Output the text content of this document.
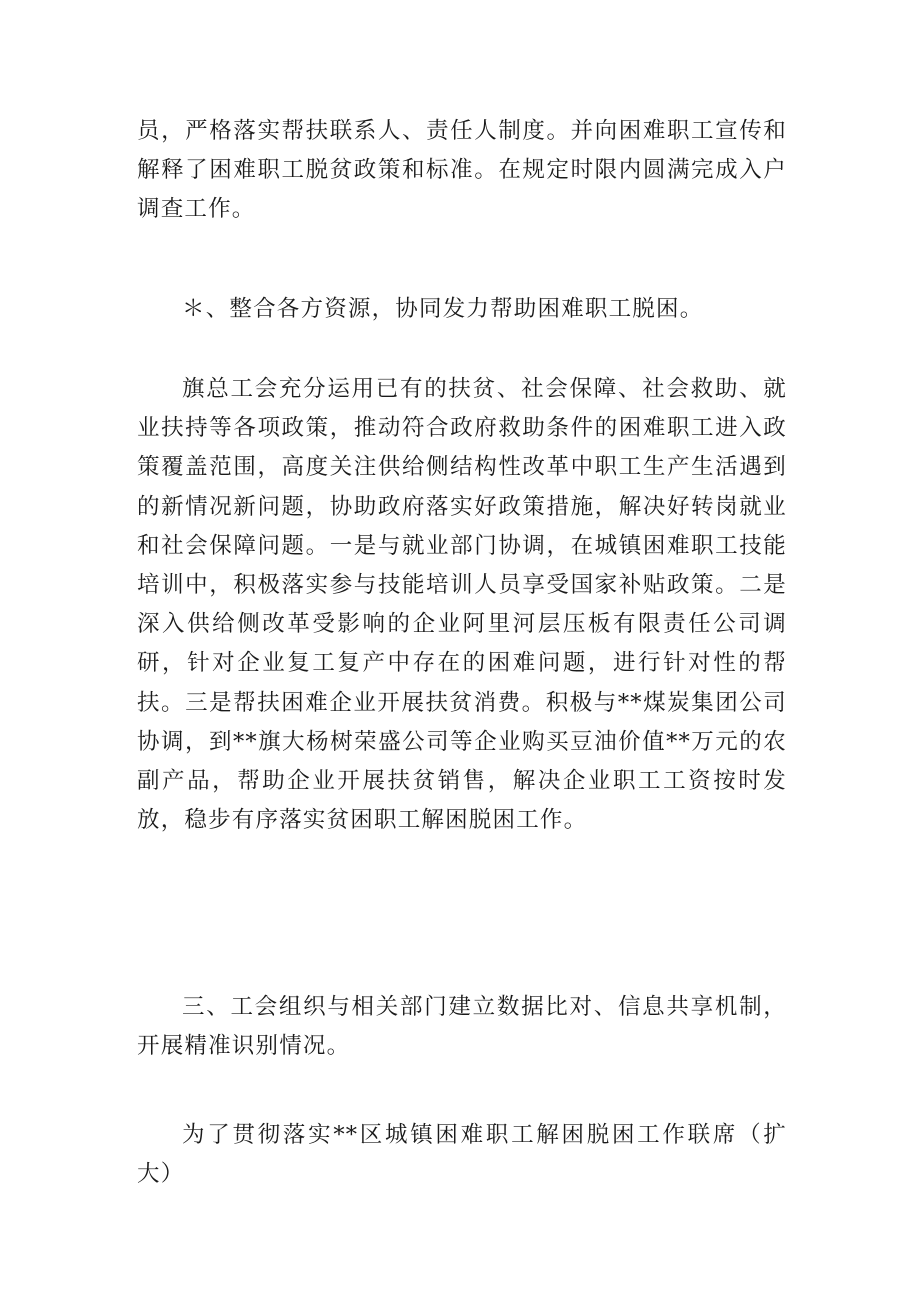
员，严格落实帮扶联系人、责任人制度。并向困难职工宣传和解释了困难职工脱贫政策和标准。在规定时限内圆满完成入户调查工作。

＊、整合各方资源，协同发力帮助困难职工脱困。

旗总工会充分运用已有的扶贫、社会保障、社会救助、就业扶持等各项政策，推动符合政府救助条件的困难职工进入政策覆盖范围，高度关注供给侧结构性改革中职工生产生活遇到的新情况新问题，协助政府落实好政策措施，解决好转岗就业和社会保障问题。一是与就业部门协调，在城镇困难职工技能培训中，积极落实参与技能培训人员享受国家补贴政策。二是深入供给侧改革受影响的企业阿里河层压板有限责任公司调研，针对企业复工复产中存在的困难问题，进行针对性的帮扶。三是帮扶困难企业开展扶贫消费。积极与**煤炭集团公司协调，到**旗大杨树荣盛公司等企业购买豆油价值**万元的农副产品，帮助企业开展扶贫销售，解决企业职工工资按时发放，稳步有序落实贫困职工解困脱困工作。

三、工会组织与相关部门建立数据比对、信息共享机制，开展精准识别情况。

为了贯彻落实**区城镇困难职工解困脱困工作联席（扩大）
